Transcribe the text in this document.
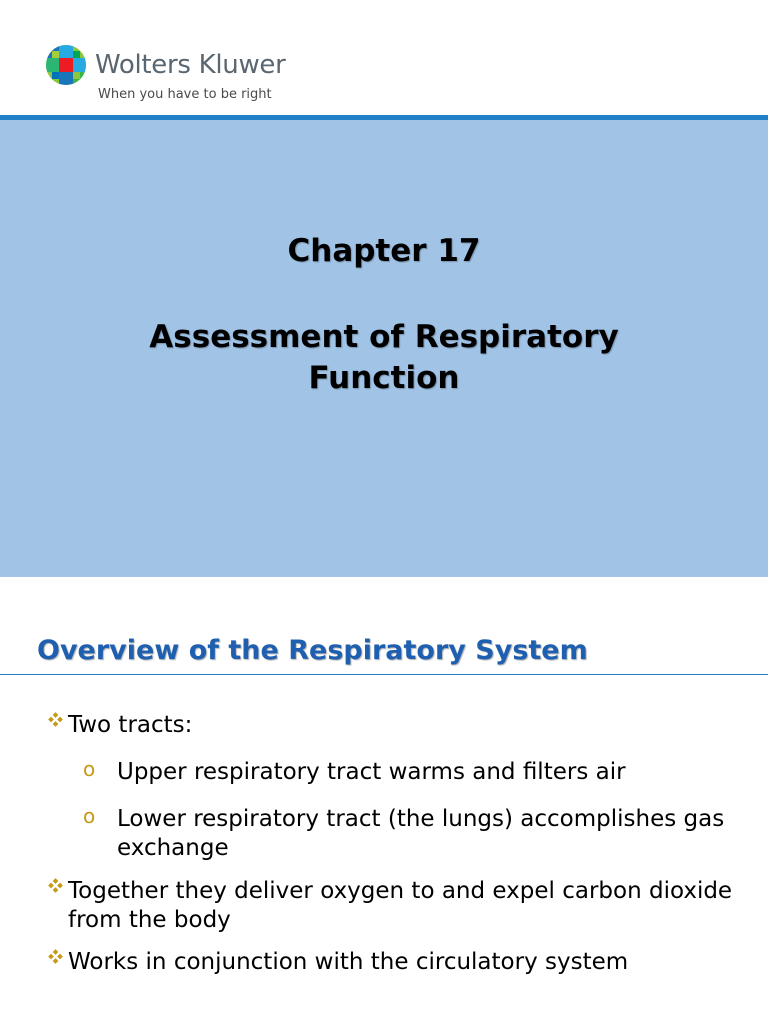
Wolters Kluwer
When you have to be right
Chapter 17
Assessment of Respiratory Function
Overview of the Respiratory System
Two tracts:
o Upper respiratory tract warms and filters air
o Lower respiratory tract (the lungs) accomplishes gas exchange
Together they deliver oxygen to and expel carbon dioxide from the body
Works in conjunction with the circulatory system
